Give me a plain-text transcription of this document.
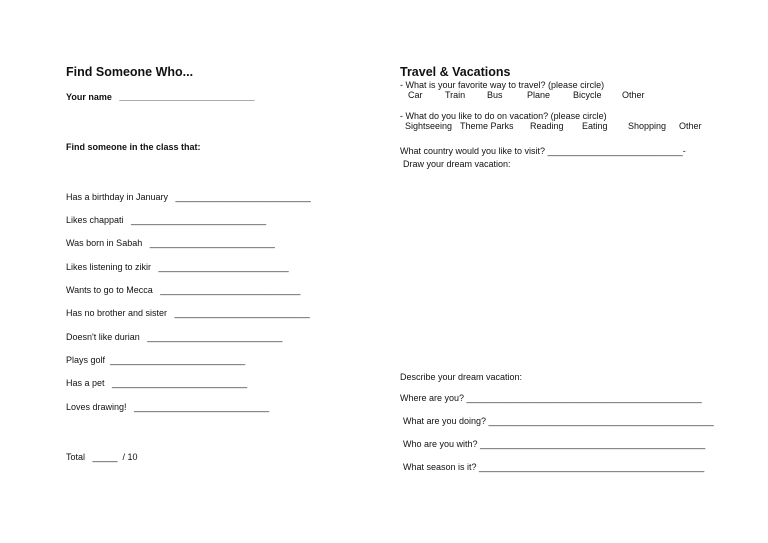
Find Someone Who...
Your name   ___________________________
Find someone in the class that:
Has a birthday in January   ___________________________
Likes chappati   ___________________________
Was born in Sabah   _________________________
Likes listening to zikir   __________________________
Wants to go to Mecca   ____________________________
Has no brother and sister   ___________________________
Doesn't like durian   ___________________________
Plays golf  ___________________________
Has a pet   ___________________________
Loves drawing!   ___________________________
Total   _____  / 10
Travel & Vacations
- What is your favorite way to travel? (please circle)
Car Train Bus	Plane	Bicycle Other
- What do you like to do on vacation? (please circle)
Sightseeing Theme Parks Reading Eating Shopping Other
What country would you like to visit? ___________________________-
Draw your dream vacation:
Describe your dream vacation:
Where are you? _______________________________________________
What are you doing? _____________________________________________
Who are you with? _____________________________________________
What season is it? _____________________________________________
